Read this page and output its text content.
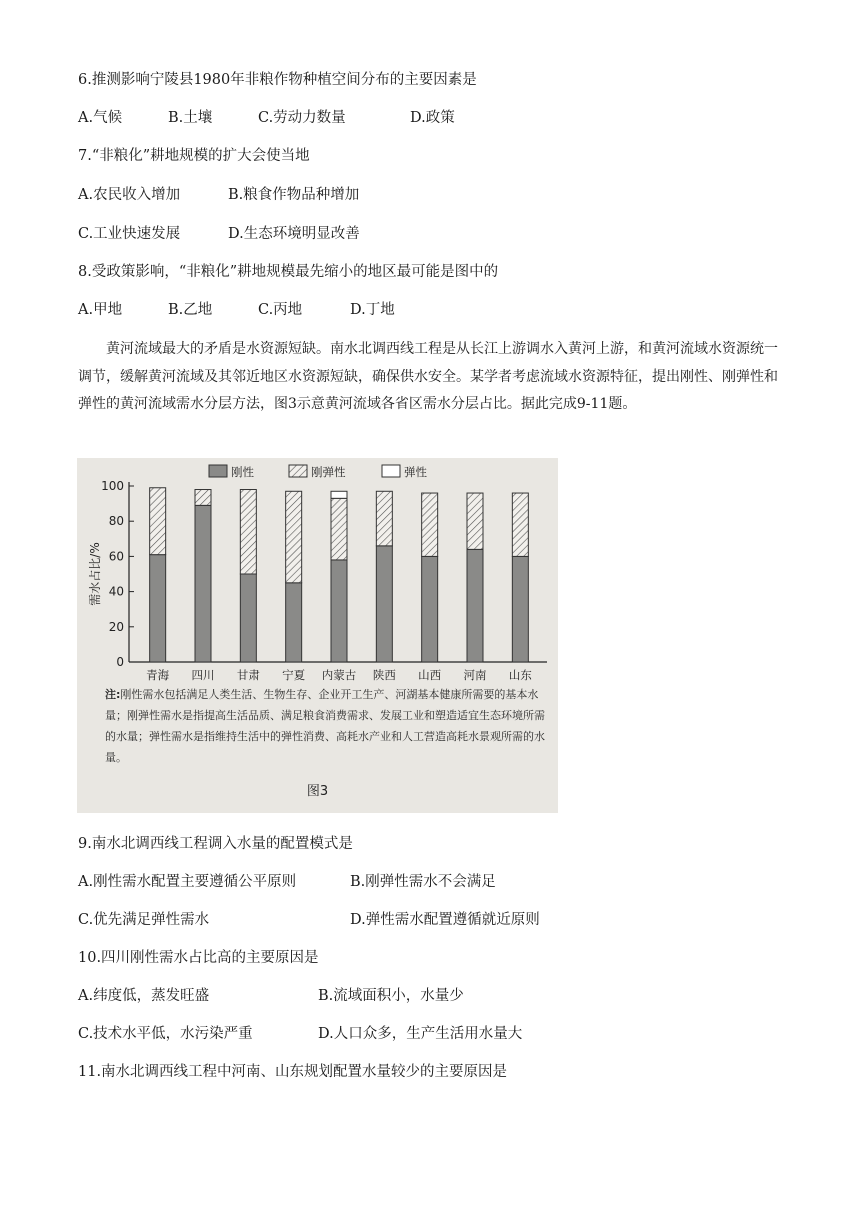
6.推测影响宁陵县1980年非粮作物种植空间分布的主要因素是
A.气候	B.土壤	C.劳动力数量	D.政策
7.“非粮化”耕地规模的扩大会使当地
A.农民收入增加	B.粮食作物品种增加
C.工业快速发展	D.生态环境明显改善
8.受政策影响，“非粮化”耕地规模最先缩小的地区最可能是图中的
A.甲地	B.乙地	C.丙地	D.丁地
黄河流域最大的矛盾是水资源短缺。南水北调西线工程是从长江上游调水入黄河上游，和黄河流域水资源统一调节，缓解黄河流域及其邻近地区水资源短缺，确保供水安全。某学者考虑流域水资源特征，提出刚性、刚弹性和弹性的黄河流域需水分层方法，图3示意黄河流域各省区需水分层占比。据此完成9-11题。
刚性	刚弹性	弹性
0
20
40
60
80
100
青海 四川 甘肃 宁夏 内蒙古 陕西 山西 河南 山东
需水占比/%
注:刚性需水包括满足人类生活、生物生存、企业开工生产、河湖基本健康所需要的基本水量；刚弹性需水是指提高生活品质、满足粮食消费需求、发展工业和塑造适宜生态环境所需的水量；弹性需水是指维持生活中的弹性消费、高耗水产业和人工营造高耗水景观所需的水量。
图3
9.南水北调西线工程调入水量的配置模式是
A.刚性需水配置主要遵循公平原则	B.刚弹性需水不会满足
C.优先满足弹性需水	D.弹性需水配置遵循就近原则
10.四川刚性需水占比高的主要原因是
A.纬度低，蒸发旺盛	B.流域面积小，水量少
C.技术水平低，水污染严重	D.人口众多，生产生活用水量大
11.南水北调西线工程中河南、山东规划配置水量较少的主要原因是
